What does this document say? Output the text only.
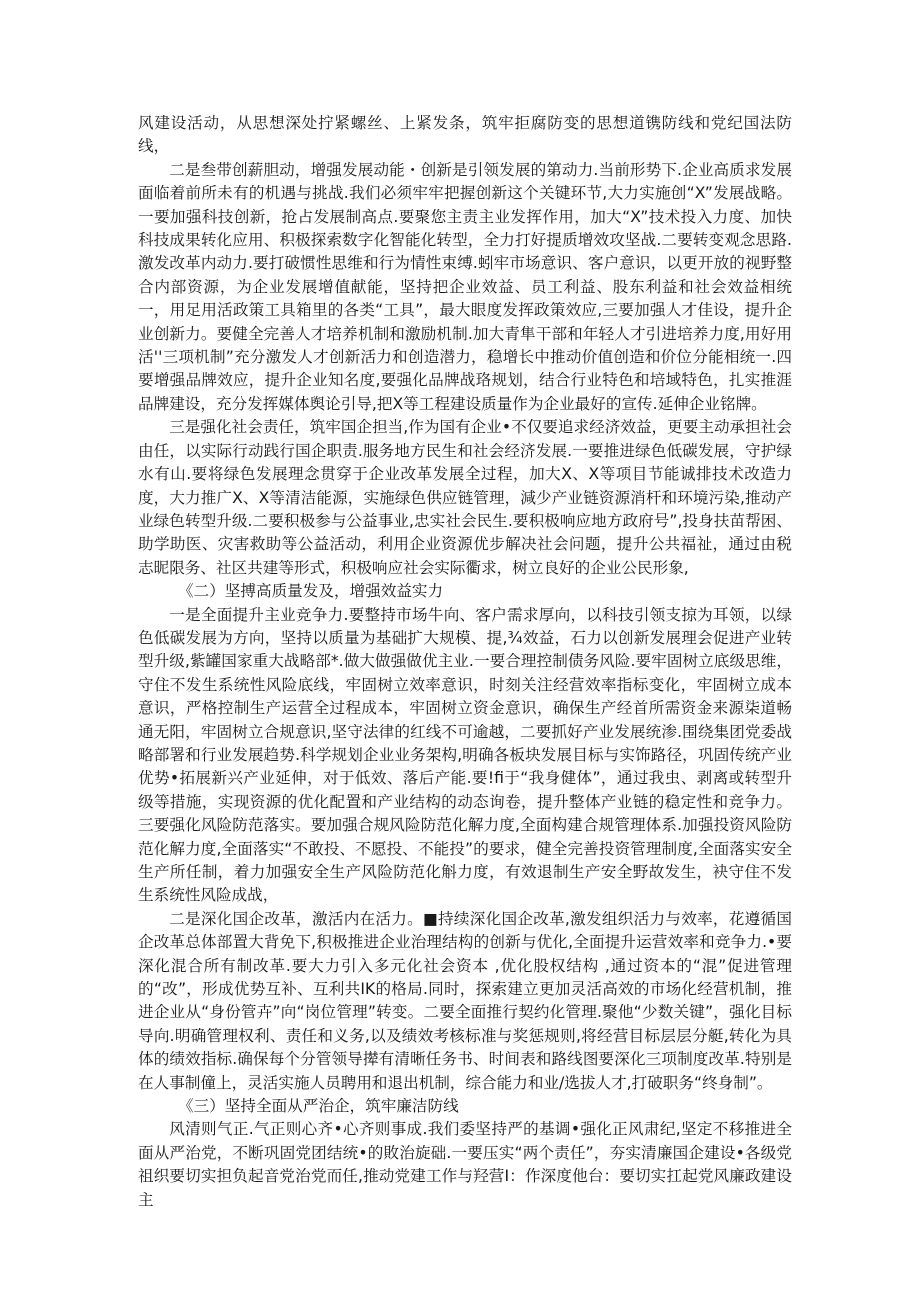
风建设活动，从思想深处拧紧螺丝、上紧发条，筑牢拒腐防变的思想道镌防线和党纪国法防线，

二是叁带创薪胆动，增强发展动能・创新是引领发展的第动力.当前形势下.企业高质求发展面临着前所未有的机遇与挑战.我们必须牢牢把握创新这个关键环节,大力实施创“X”发展战略。一要加强科技创新，抢占发展制高点.要聚您主责主业发挥作用，加大“X”技术投入力度、加快科技成果转化应用、积极探索数字化智能化转型，全力打好提质增效攻坚战.二要转变观念思路.激发改革内动力.要打破惯性思维和行为情性束缚.蚓牢市场意识、客户意识，以更开放的视野整合内部资源，为企业发展增值献能，坚持把企业效益、员工利益、股东利益和社会效益相统一，用足用活政策工具箱里的各类“工具”，最大眼度发挥政策效应,三要加强人才佳设，提升企业创新力。要健全完善人才培养机制和激励机制.加大青隼干部和年轻人才引进培养力度,用好用活''三项机制”充分激发人才创新活力和创造潜力，稳增长中推动价值创造和价位分能相统一.四要增强品牌效应，提升企业知名度,要强化品牌战珞规划，结合行业特色和培域特色，扎实推涯品牌建设，充分发挥媒体舆论引导,把X等工程建设质量作为企业最好的宣传.延伸企业铭牌。

三是强化社会责任，筑牢国企担当,作为国有企业•不仅要追求经济效益，更要主动承担社会由任，以实际行动践行国企职责.服务地方民生和社会经济发展.一要推进绿色低碳发展，守护绿水有山.要将绿色发展理念贯穿于企业改革发展全过程，加大X、X等项目节能诚排技术改造力度，大力推广X、X等清洁能源，实施绿色供应链管理，減少产业链资源消杆和环境污染,推动产业绿色转型升级.二要积极参与公益事业,忠实社会民生.要积极响应地方政府号”,投身扶苗帮困、助学助医、灾害救助等公益活动，利用企业资源优步解决社会问题，提升公共福祉，通过由税志昵限务、社区共建等形式，积极响应社会实际衢求，树立良好的企业公民形象,

《二）坚搏高质量发及，增强效益实力

一是全面提升主业竞争力.要整持市场牛向、客户需求厚向，以科技引领支掠为耳领，以绿色低碳发展为方向，坚持以质量为基础扩大规模、提,¾效益，石力以创新发展理会促进产业转型升级,紫罐国家重大战略部*.做大做强做优主业.一要合理控制债务风险.要牢固树立底级思维，守住不发生系统性风险底线，牢固树立效率意识，时刻关注经营效率指标变化，牢固树立成本意识，严格控制生产运营全过程成本，牢固树立资金意识，确保生产经首所需资金来源柒道畅通无阳，牢固树立合规意识,坚守法律的红线不可逾越，二要抓好产业发展统渗.围绕集团党委战略部署和行业发展趋势.科学规划企业业务架构,明确各板块发展目标与实饰路径，巩固传统产业优势•拓展新兴产业延伸，对于低效、落后产能.要!fi于“我身健体”，通过我虫、剥离或转型升级等措施，实现资源的优化配置和产业结构的动态询卷，提升整体产业链的稳定性和竞争力。三要强化风险防范落实。要加强合规风险防范化解力度,全面构建合规管理体系.加强投资风险防范化解力度,全面落实“不敢投、不愿投、不能投”的要求，健全完善投资管理制度,全面落实安全生产所任制，着力加强安全生产风险防范化斛力度，有效退制生产安全野故发生，袂守住不发生系统性风险成战，

二是深化国企改革，激活内在活力。■持续深化国企改革,激发组织活力与效率，花遵循国企改革总体部置大背免下,积极推进企业治理结构的创新与优化,全面提升运营效率和竞争力.•要深化混合所有制改革.要大力引入多元化社会资本 ,优化股权结构 ,通过资本的“混”促进管理的“改”，形成优势互补、互利共IK的格局.同时，探索建立更加灵活高效的市场化经营机制，推进企业从“身份管卉”向“岗位管理”转变。二要全面推行契约化管理.聚他“少数关键”，强化目标导向.明确管理权利、责任和义务,以及绩效考核标准与奖惩规则,将经营目标层层分艇,转化为具体的绩效指标.确保每个分管领导撵有清晰任务书、时间表和路线图要深化三项制度改革.特别是在人事制僮上，灵活实施人员聘用和退出机制，综合能力和业/选拔人才,打破职务“终身制”。

《三）坚持全面从严治企，筑牢廉洁防线

风清则气正.气正则心齐•心齐则事成.我们委坚持严的基调•强化正风肃纪,坚定不移推进全面从严治党，不断巩固党团结统•的敗治旋础.一要压实“两个责任”，夯实清廉国企建设•各级党祖织要切实担负起音党治党而任,推动党建工作与羟营I：作深度他台：要切实扛起党风廉政建设主
